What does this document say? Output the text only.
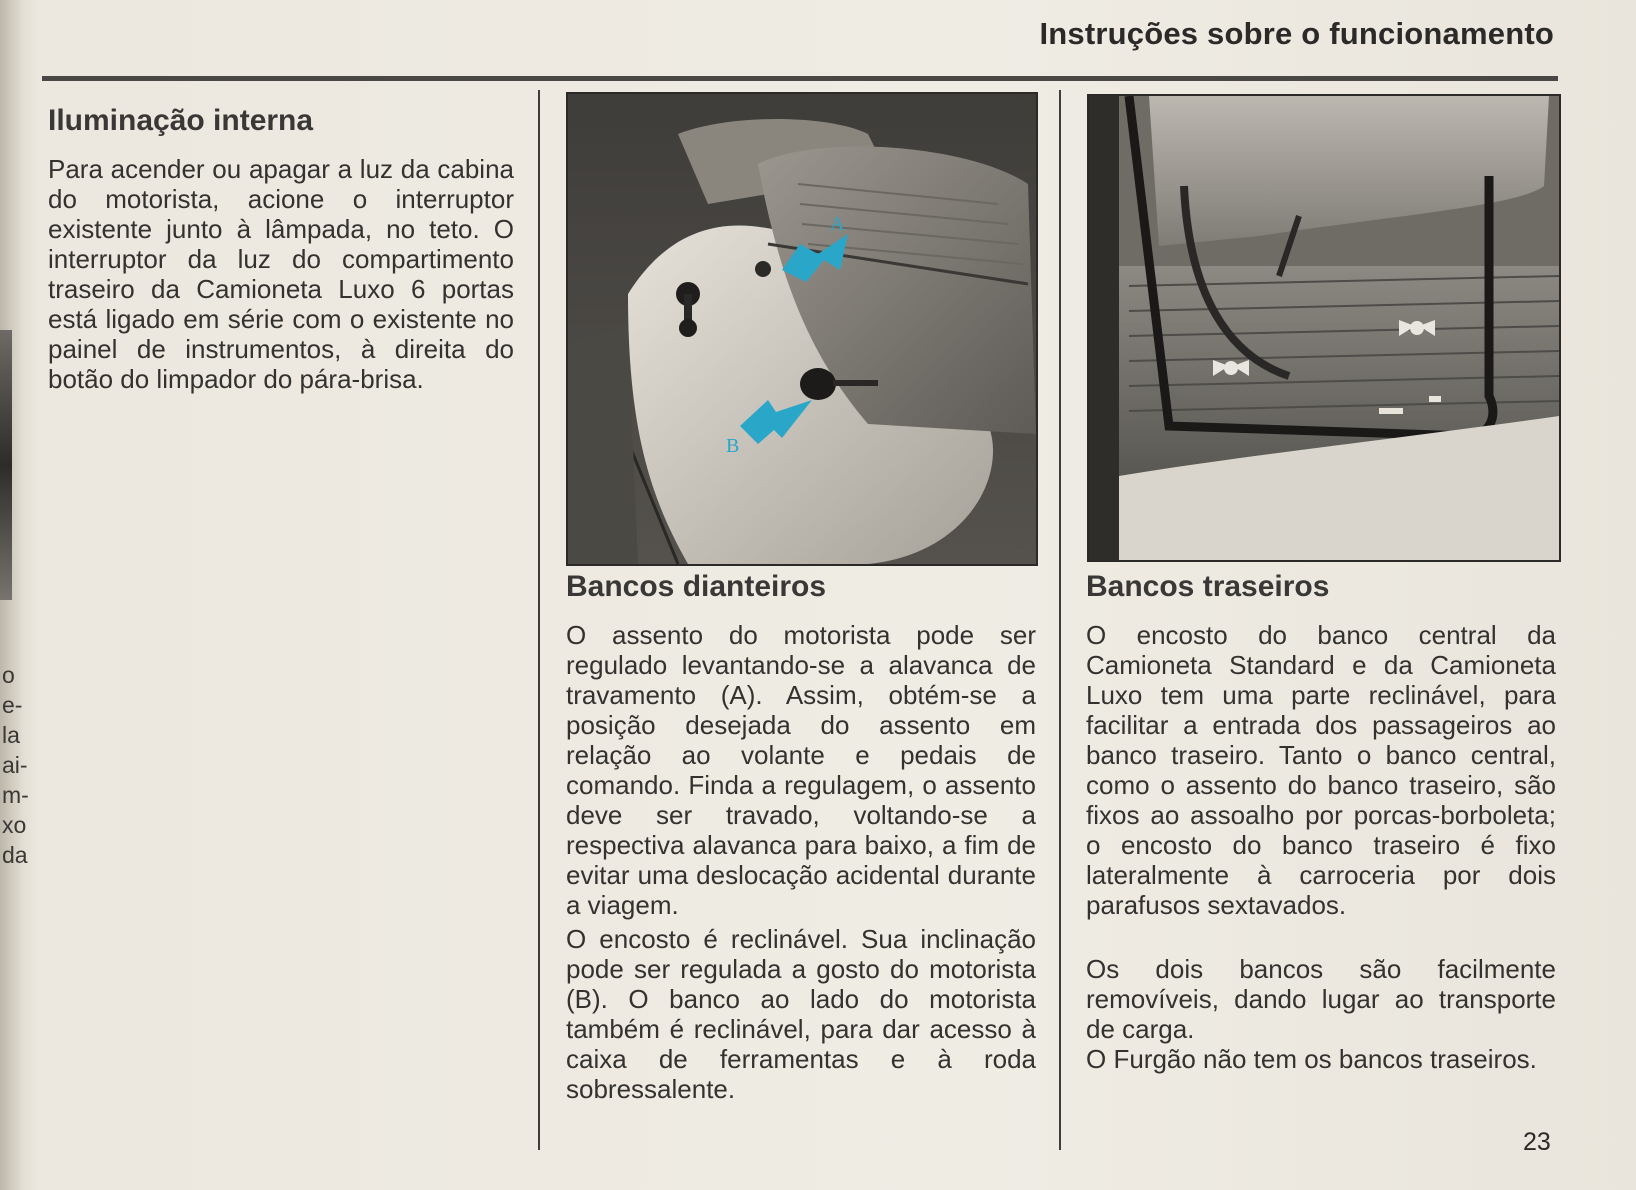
o
e-
la
ai-
m-
xo
da
Instruções sobre o funcionamento
Iluminação interna

Para acender ou apagar a luz da cabina do motorista, acione o interruptor existente junto à lâmpada, no teto. O interruptor da luz do compartimento traseiro da Camioneta Luxo 6 portas está ligado em série com o existente no painel de instrumentos, à direita do botão do limpador do pára-brisa.

A
B
Bancos dianteiros

O assento do motorista pode ser regulado levantando-se a alavanca de travamento (A). Assim, obtém-se a posição desejada do assento em relação ao volante e pedais de comando. Finda a regulagem, o assento deve ser travado, voltando-se a respectiva alavanca para baixo, a fim de evitar uma deslocação acidental durante a viagem.

O encosto é reclinável. Sua inclinação pode ser regulada a gosto do motorista (B). O banco ao lado do motorista também é reclinável, para dar acesso à caixa de ferramentas e à roda sobressalente.

Bancos traseiros

O encosto do banco central da Camioneta Standard e da Camioneta Luxo tem uma parte reclinável, para facilitar a entrada dos passageiros ao banco traseiro. Tanto o banco central, como o assento do banco traseiro, são fixos ao assoalho por porcas-borboleta; o encosto do banco traseiro é fixo lateralmente à carroceria por dois parafusos sextavados.

Os dois bancos são facilmente removíveis, dando lugar ao transporte de carga.

O Furgão não tem os bancos traseiros.

23
